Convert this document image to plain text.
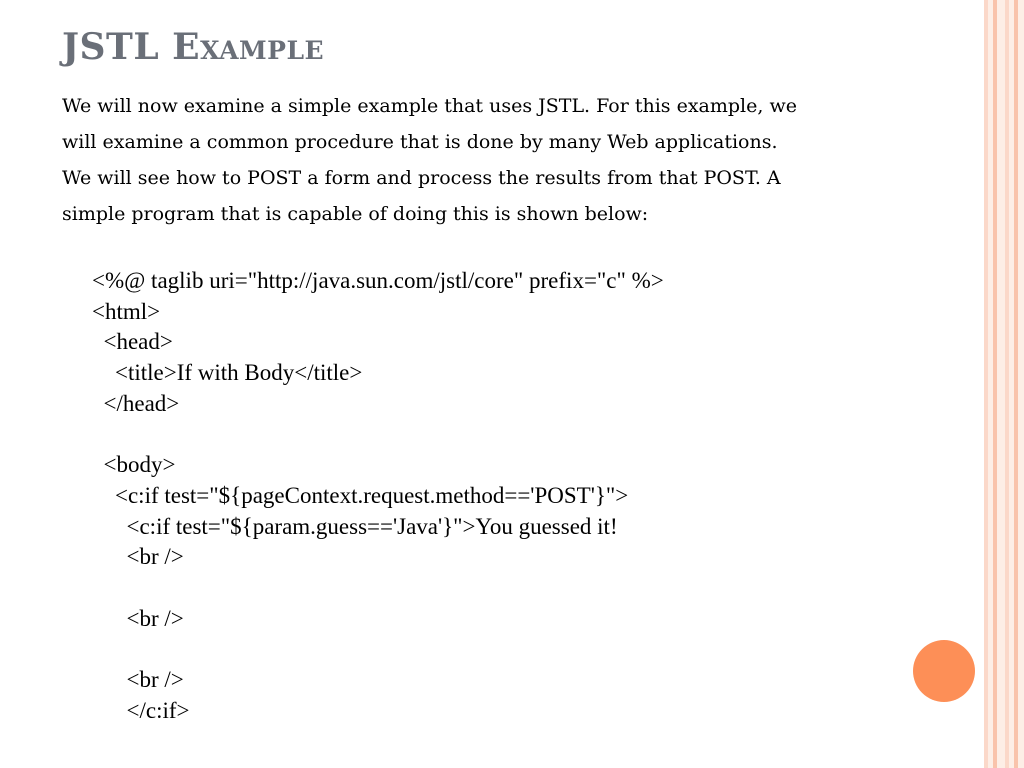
JSTL Example
We will now examine a simple example that uses JSTL. For this example, we
will examine a common procedure that is done by many Web applications.
We will see how to POST a form and process the results from that POST. A
simple program that is capable of doing this is shown below:
<%@ taglib uri="http://java.sun.com/jstl/core" prefix="c" %>
<html>
<head>
<title>If with Body</title>
</head>
<body>
<c:if test="${pageContext.request.method=='POST'}">
<c:if test="${param.guess=='Java'}">You guessed it!
<br />
<br />
<br />
</c:if>
